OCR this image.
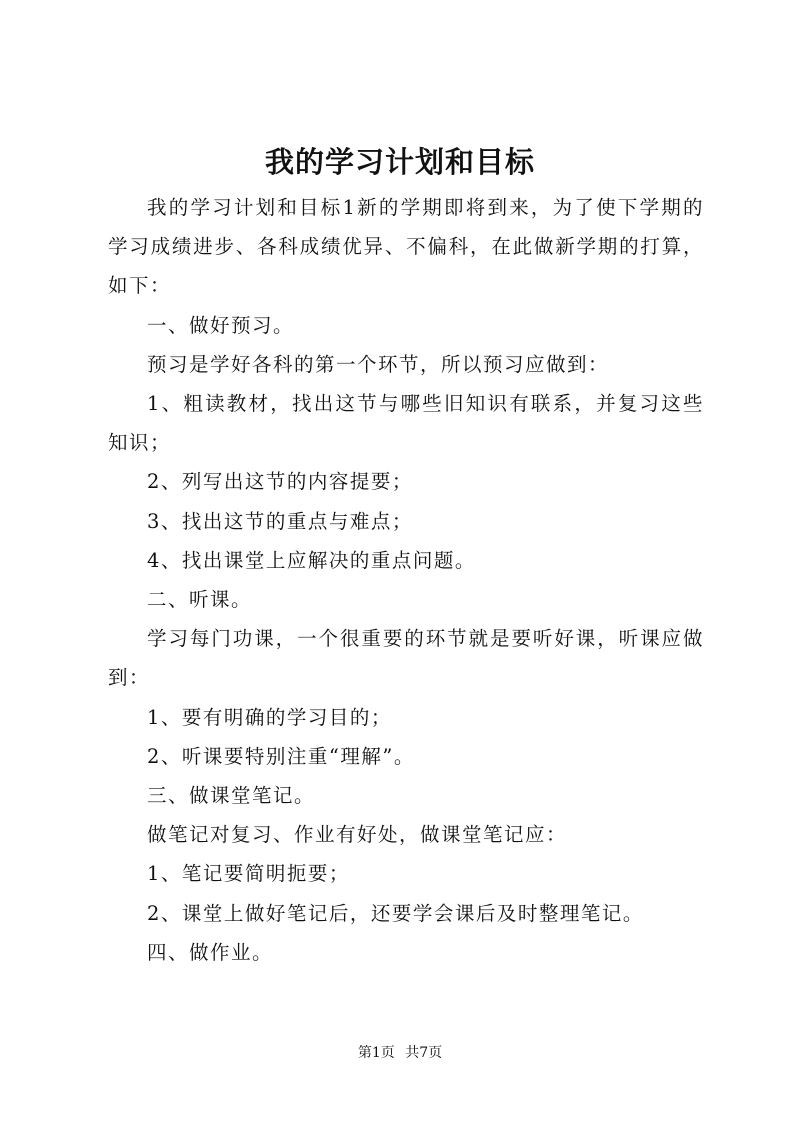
我的学习计划和目标

我的学习计划和目标1新的学期即将到来，为了使下学期的学习成绩进步、各科成绩优异、不偏科，在此做新学期的打算，如下：

一、做好预习。

预习是学好各科的第一个环节，所以预习应做到：

1、粗读教材，找出这节与哪些旧知识有联系，并复习这些知识；

2、列写出这节的内容提要；

3、找出这节的重点与难点；

4、找出课堂上应解决的重点问题。

二、听课。

学习每门功课，一个很重要的环节就是要听好课，听课应做到：

1、要有明确的学习目的；

2、听课要特别注重“理解”。

三、做课堂笔记。

做笔记对复习、作业有好处，做课堂笔记应：

1、笔记要简明扼要；

2、课堂上做好笔记后，还要学会课后及时整理笔记。

四、做作业。

第1页 共7页
